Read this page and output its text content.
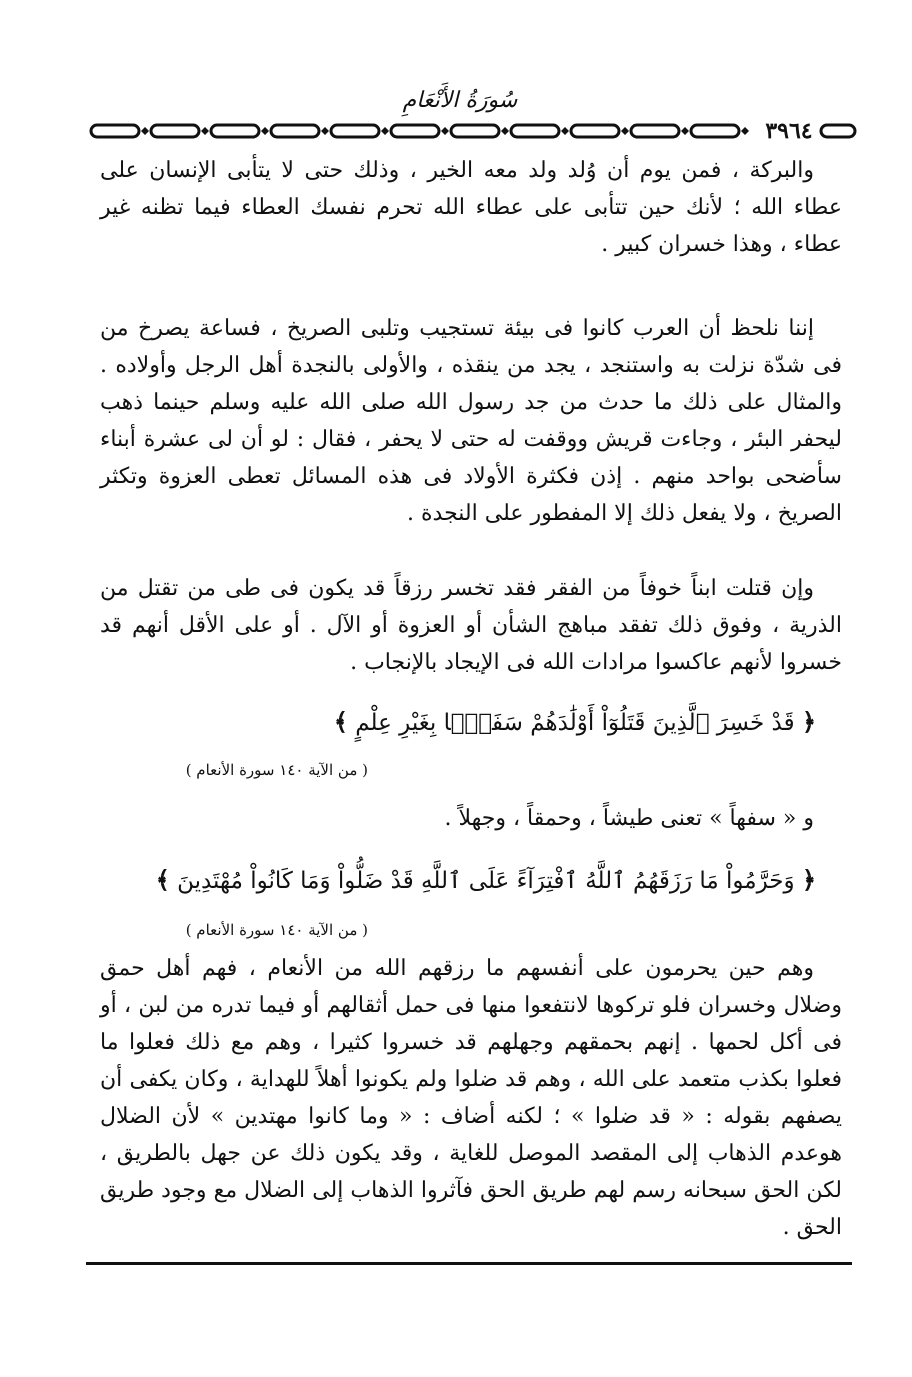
سُورَةُ الأَنْعَامِ
٣٩٦٤

والبركة ، فمن يوم أن وُلد ولد معه الخير ، وذلك حتى لا يتأبى الإنسان على عطاء الله ؛ لأنك حين تتأبى على عطاء الله تحرم نفسك العطاء فيما تظنه غير عطاء ، وهذا خسران كبير .

إننا نلحظ أن العرب كانوا فى بيئة تستجيب وتلبى الصريخ ، فساعة يصرخ من فى شدّة نزلت به واستنجد ، يجد من ينقذه ، والأولى بالنجدة أهل الرجل وأولاده . والمثال على ذلك ما حدث من جد رسول الله صلى الله عليه وسلم حينما ذهب ليحفر البئر ، وجاءت قريش ووقفت له حتى لا يحفر ، فقال : لو أن لى عشرة أبناء سأضحى بواحد منهم . إذن فكثرة الأولاد فى هذه المسائل تعطى العزوة وتكثر الصريخ ، ولا يفعل ذلك إلا المفطور على النجدة .

وإن قتلت ابناً خوفاً من الفقر فقد تخسر رزقاً قد يكون فى طى من تقتل من الذرية ، وفوق ذلك تفقد مباهج الشأن أو العزوة أو الآل . أو على الأقل أنهم قد خسروا لأنهم عاكسوا مرادات الله فى الإيجاد بالإنجاب .

﴿ قَدْ خَسِرَ ٱلَّذِينَ قَتَلُوٓاْ أَوْلَٰدَهُمْ سَفَهًۢا بِغَيْرِ عِلْمٍ ﴾
( من الآية ١٤٠ سورة الأنعام )

و « سفهاً » تعنى طيشاً ، وحمقاً ، وجهلاً .

﴿ وَحَرَّمُواْ مَا رَزَقَهُمُ ٱللَّهُ ٱفْتِرَآءً عَلَى ٱللَّهِ قَدْ ضَلُّواْ وَمَا كَانُواْ مُهْتَدِينَ ﴾
( من الآية ١٤٠ سورة الأنعام )

وهم حين يحرمون على أنفسهم ما رزقهم الله من الأنعام ، فهم أهل حمق وضلال وخسران فلو تركوها لانتفعوا منها فى حمل أثقالهم أو فيما تدره من لبن ، أو فى أكل لحمها . إنهم بحمقهم وجهلهم قد خسروا كثيرا ، وهم مع ذلك فعلوا ما فعلوا بكذب متعمد على الله ، وهم قد ضلوا ولم يكونوا أهلاً للهداية ، وكان يكفى أن يصفهم بقوله : « قد ضلوا » ؛ لكنه أضاف : « وما كانوا مهتدين » لأن الضلال هوعدم الذهاب إلى المقصد الموصل للغاية ، وقد يكون ذلك عن جهل بالطريق ، لكن الحق سبحانه رسم لهم طريق الحق فآثروا الذهاب إلى الضلال مع وجود طريق الحق .
